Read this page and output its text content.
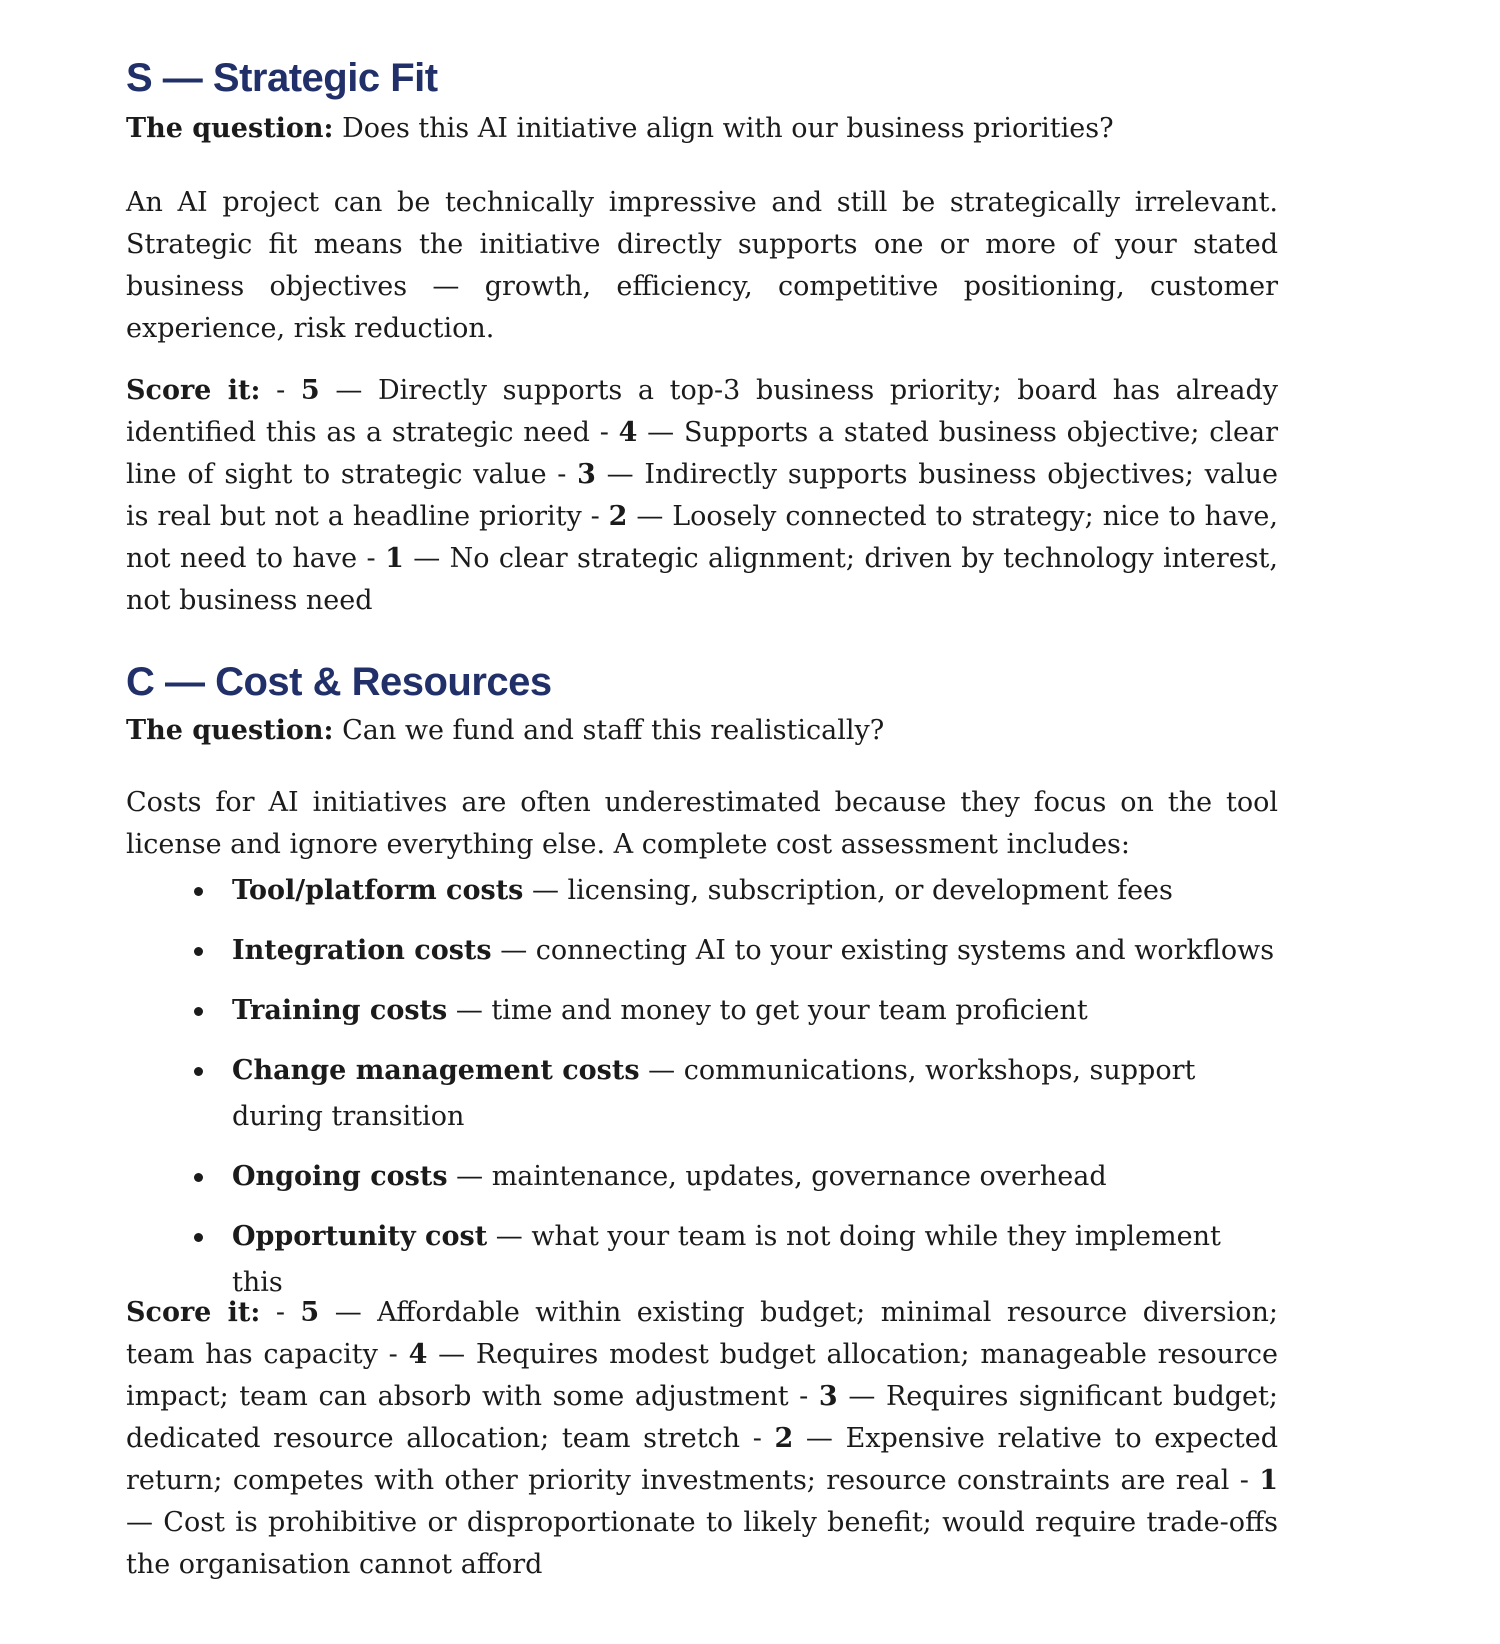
S — Strategic Fit

The question: Does this AI initiative align with our business priorities?

An AI project can be technically impressive and still be strategically irrelevant. Strategic fit means the initiative directly supports one or more of your stated business objectives — growth, efficiency, competitive positioning, customer experience, risk reduction.

Score it: - 5 — Directly supports a top-3 business priority; board has already identified this as a strategic need - 4 — Supports a stated business objective; clear line of sight to strategic value - 3 — Indirectly supports business objectives; value is real but not a headline priority - 2 — Loosely connected to strategy; nice to have, not need to have - 1 — No clear strategic alignment; driven by technology interest, not business need

C — Cost & Resources

The question: Can we fund and staff this realistically?

Costs for AI initiatives are often underestimated because they focus on the tool license and ignore everything else. A complete cost assessment includes:

Tool/platform costs — licensing, subscription, or development fees
Integration costs — connecting AI to your existing systems and workflows
Training costs — time and money to get your team proficient
Change management costs — communications, workshops, support during transition
Ongoing costs — maintenance, updates, governance overhead
Opportunity cost — what your team is not doing while they implement this

Score it: - 5 — Affordable within existing budget; minimal resource diversion; team has capacity - 4 — Requires modest budget allocation; manageable resource impact; team can absorb with some adjustment - 3 — Requires significant budget; dedicated resource allocation; team stretch - 2 — Expensive relative to expected return; competes with other priority investments; resource constraints are real - 1 — Cost is prohibitive or disproportionate to likely benefit; would require trade-offs the organisation cannot afford
